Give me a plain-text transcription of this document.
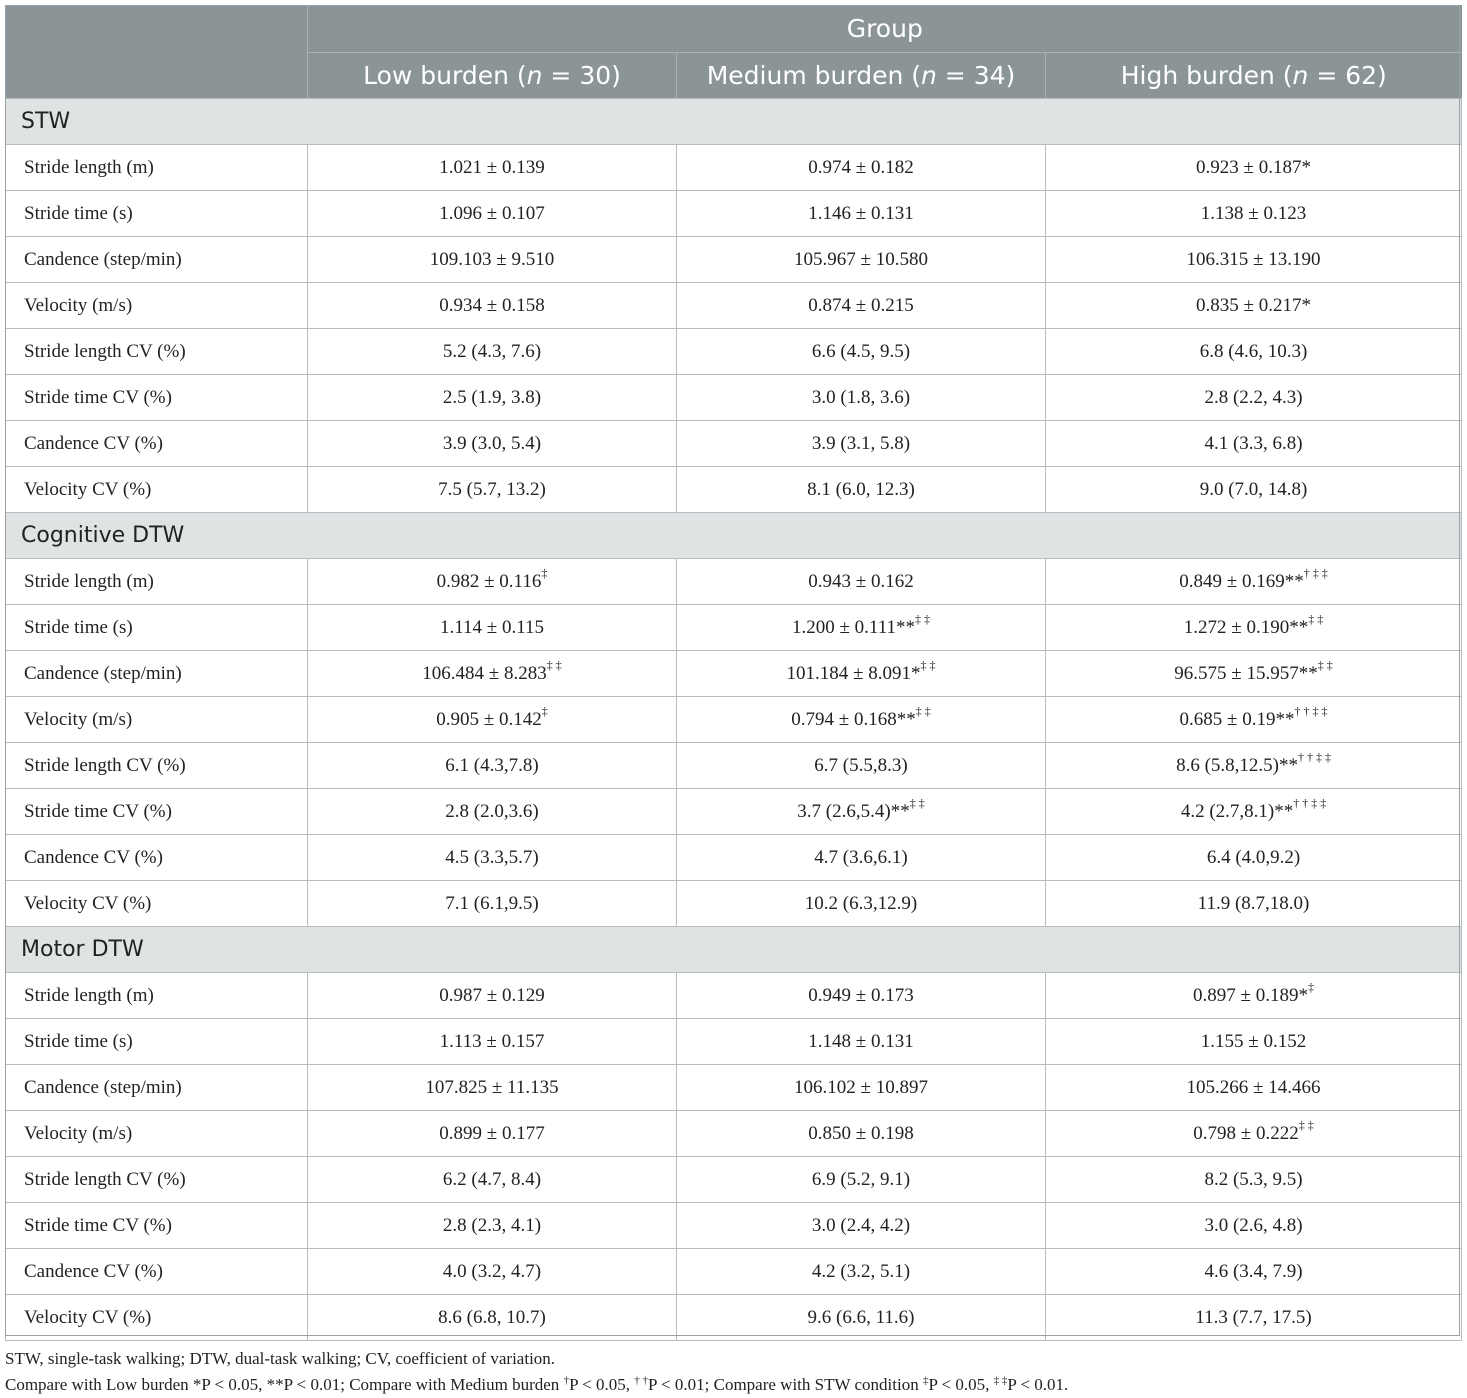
	Group		
	Low burden (n = 30)	Medium burden (n = 34)	High burden (n = 62)
STW			
Stride length (m)	1.021 ± 0.139	0.974 ± 0.182	0.923 ± 0.187*
Stride time (s)	1.096 ± 0.107	1.146 ± 0.131	1.138 ± 0.123
Candence (step/min)	109.103 ± 9.510	105.967 ± 10.580	106.315 ± 13.190
Velocity (m/s)	0.934 ± 0.158	0.874 ± 0.215	0.835 ± 0.217*
Stride length CV (%)	5.2 (4.3, 7.6)	6.6 (4.5, 9.5)	6.8 (4.6, 10.3)
Stride time CV (%)	2.5 (1.9, 3.8)	3.0 (1.8, 3.6)	2.8 (2.2, 4.3)
Candence CV (%)	3.9 (3.0, 5.4)	3.9 (3.1, 5.8)	4.1 (3.3, 6.8)
Velocity CV (%)	7.5 (5.7, 13.2)	8.1 (6.0, 12.3)	9.0 (7.0, 14.8)
Cognitive DTW			
Stride length (m)	0.982 ± 0.116‡	0.943 ± 0.162	0.849 ± 0.169**† ‡ ‡
Stride time (s)	1.114 ± 0.115	1.200 ± 0.111**‡ ‡	1.272 ± 0.190**‡ ‡
Candence (step/min)	106.484 ± 8.283‡ ‡	101.184 ± 8.091*‡ ‡	96.575 ± 15.957**‡ ‡
Velocity (m/s)	0.905 ± 0.142‡	0.794 ± 0.168**‡ ‡	0.685 ± 0.19**† † ‡ ‡
Stride length CV (%)	6.1 (4.3,7.8)	6.7 (5.5,8.3)	8.6 (5.8,12.5)**† † ‡ ‡
Stride time CV (%)	2.8 (2.0,3.6)	3.7 (2.6,5.4)**‡ ‡	4.2 (2.7,8.1)**† † ‡ ‡
Candence CV (%)	4.5 (3.3,5.7)	4.7 (3.6,6.1)	6.4 (4.0,9.2)
Velocity CV (%)	7.1 (6.1,9.5)	10.2 (6.3,12.9)	11.9 (8.7,18.0)
Motor DTW			
Stride length (m)	0.987 ± 0.129	0.949 ± 0.173	0.897 ± 0.189*‡
Stride time (s)	1.113 ± 0.157	1.148 ± 0.131	1.155 ± 0.152
Candence (step/min)	107.825 ± 11.135	106.102 ± 10.897	105.266 ± 14.466
Velocity (m/s)	0.899 ± 0.177	0.850 ± 0.198	0.798 ± 0.222‡ ‡
Stride length CV (%)	6.2 (4.7, 8.4)	6.9 (5.2, 9.1)	8.2 (5.3, 9.5)
Stride time CV (%)	2.8 (2.3, 4.1)	3.0 (2.4, 4.2)	3.0 (2.6, 4.8)
Candence CV (%)	4.0 (3.2, 4.7)	4.2 (3.2, 5.1)	4.6 (3.4, 7.9)
Velocity CV (%)	8.6 (6.8, 10.7)	9.6 (6.6, 11.6)	11.3 (7.7, 17.5)
STW, single-task walking; DTW, dual-task walking; CV, coefficient of variation.
Compare with Low burden *P < 0.05, **P < 0.01; Compare with Medium burden †P < 0.05, † †P < 0.01; Compare with STW condition ‡P < 0.05, ‡ ‡P < 0.01.
